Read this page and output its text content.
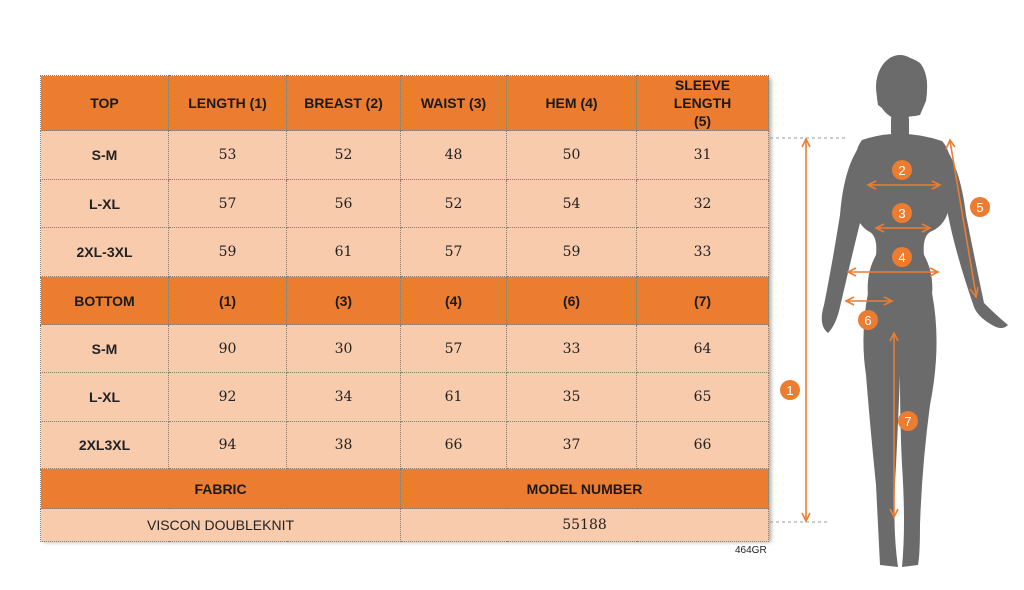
TOP	LENGTH (1)	BREAST (2)	WAIST (3)	HEM (4)	SLEEVE LENGTH (5)
S-M	53	52	48	50	31
L-XL	57	56	52	54	32
2XL-3XL	59	61	57	59	33
BOTTOM	(1)	(3)	(4)	(6)	(7)
S-M	90	30	57	33	64
L-XL	92	34	61	35	65
2XL3XL	94	38	66	37	66
FABRIC			MODEL NUMBER		
VISCON DOUBLEKNIT			55188		
464GR
1
2
3
4
5
6
7
